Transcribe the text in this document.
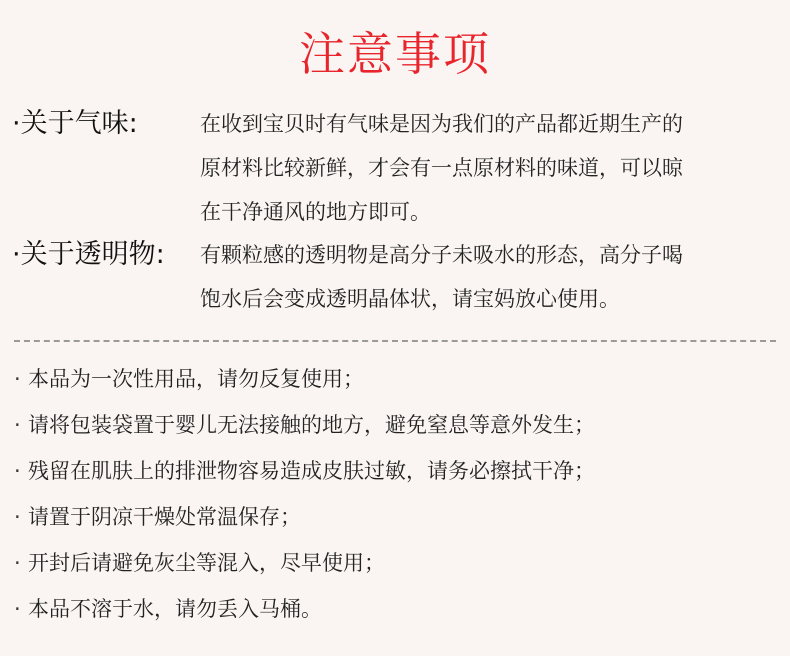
注意事项
·关于气味:	在收到宝贝时有气味是因为我们的产品都近期生产的
原材料比较新鲜，才会有一点原材料的味道，可以晾
在干净通风的地方即可。
·关于透明物: 有颗粒感的透明物是高分子未吸水的形态，高分子喝
饱水后会变成透明晶体状，请宝妈放心使用。
· 本品为一次性用品，请勿反复使用；
· 请将包装袋置于婴儿无法接触的地方，避免窒息等意外发生；
· 残留在肌肤上的排泄物容易造成皮肤过敏，请务必擦拭干净；
· 请置于阴凉干燥处常温保存；
· 开封后请避免灰尘等混入，尽早使用；
· 本品不溶于水，请勿丢入马桶。
